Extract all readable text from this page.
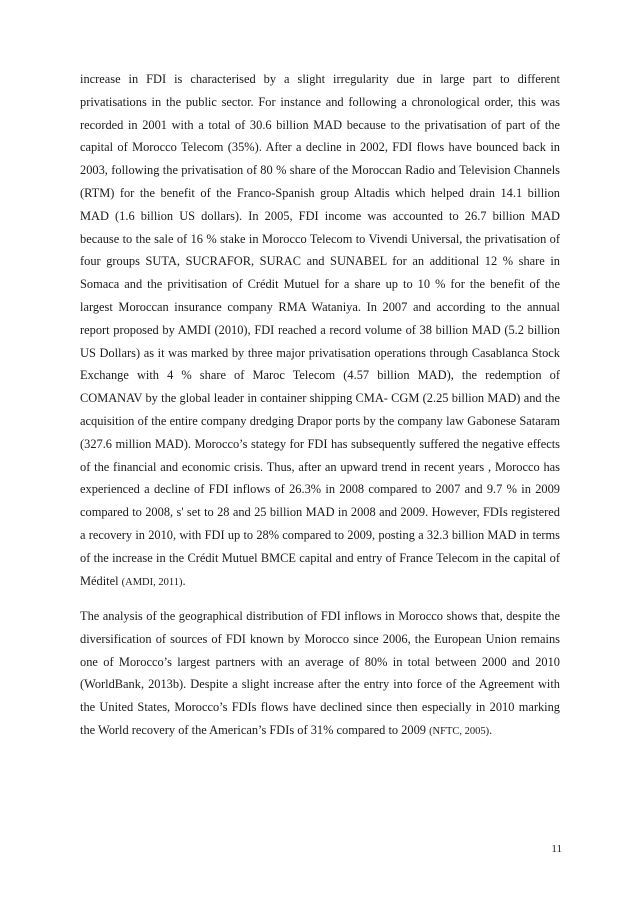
increase in FDI is characterised by a slight irregularity due in large part to different privatisations in the public sector. For instance and following a chronological order, this was recorded in 2001 with a total of 30.6 billion MAD because to the privatisation of part of the capital of Morocco Telecom (35%). After a decline in 2002, FDI flows have bounced back in 2003, following the privatisation of 80 % share of the Moroccan Radio and Television Channels (RTM) for the benefit of the Franco-Spanish group Altadis which helped drain 14.1 billion MAD (1.6 billion US dollars). In 2005, FDI income was accounted to 26.7 billion MAD because to the sale of 16 % stake in Morocco Telecom to Vivendi Universal, the privatisation of four groups SUTA, SUCRAFOR, SURAC and SUNABEL for an additional 12 % share in Somaca and the privitisation of Crédit Mutuel for a share up to 10 % for the benefit of the largest Moroccan insurance company RMA Wataniya. In 2007 and according to the annual report proposed by AMDI (2010), FDI reached a record volume of 38 billion MAD (5.2 billion US Dollars) as it was marked by three major privatisation operations through Casablanca Stock Exchange with 4 % share of Maroc Telecom (4.57 billion MAD), the redemption of COMANAV by the global leader in container shipping CMA- CGM (2.25 billion MAD) and the acquisition of the entire company dredging Drapor ports by the company law Gabonese Sataram (327.6 million MAD). Morocco’s stategy for FDI has subsequently suffered the negative effects of the financial and economic crisis. Thus, after an upward trend in recent years , Morocco has experienced a decline of FDI inflows of 26.3% in 2008 compared to 2007 and 9.7 % in 2009 compared to 2008, s' set to 28 and 25 billion MAD in 2008 and 2009. However, FDIs registered a recovery in 2010, with FDI up to 28% compared to 2009, posting a 32.3 billion MAD in terms of the increase in the Crédit Mutuel BMCE capital and entry of France Telecom in the capital of Méditel (AMDI, 2011).

The analysis of the geographical distribution of FDI inflows in Morocco shows that, despite the diversification of sources of FDI known by Morocco since 2006, the European Union remains one of Morocco’s largest partners with an average of 80% in total between 2000 and 2010 (WorldBank, 2013b). Despite a slight increase after the entry into force of the Agreement with the United States, Morocco’s FDIs flows have declined since then especially in 2010 marking the World recovery of the American’s FDIs of 31% compared to 2009 (NFTC, 2005).

11
